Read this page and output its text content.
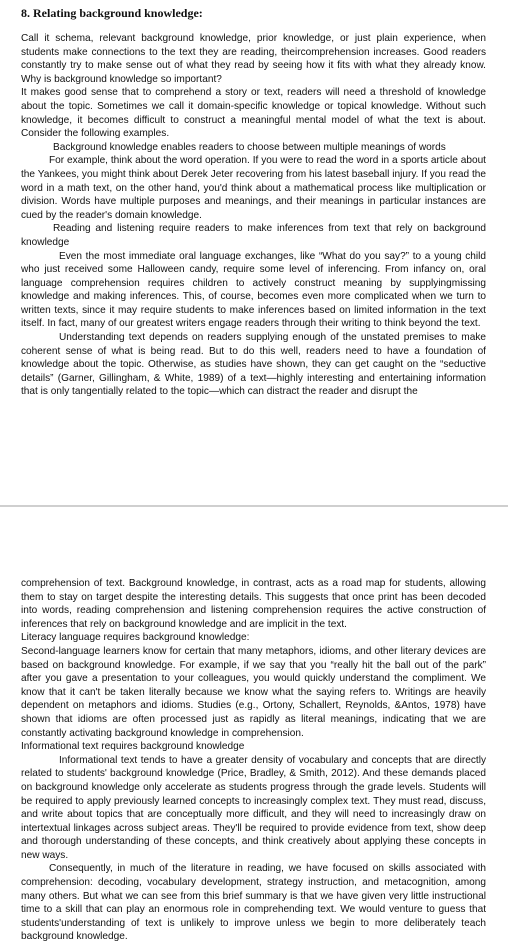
8. Relating background knowledge:

Call it schema, relevant background knowledge, prior knowledge, or just plain experience, when students make connections to the text they are reading, theircomprehension increases. Good readers constantly try to make sense out of what they read by seeing how it fits with what they already know. Why is background knowledge so important?

It makes good sense that to comprehend a story or text, readers will need a threshold of knowledge about the topic. Sometimes we call it domain-specific knowledge or topical knowledge. Without such knowledge, it becomes difficult to construct a meaningful mental model of what the text is about. Consider the following examples.

Background knowledge enables readers to choose between multiple meanings of words

For example, think about the word operation. If you were to read the word in a sports article about the Yankees, you might think about Derek Jeter recovering from his latest baseball injury. If you read the word in a math text, on the other hand, you'd think about a mathematical process like multiplication or division. Words have multiple purposes and meanings, and their meanings in particular instances are cued by the reader's domain knowledge.

Reading and listening require readers to make inferences from text that rely on background knowledge

Even the most immediate oral language exchanges, like “What do you say?” to a young child who just received some Halloween candy, require some level of inferencing. From infancy on, oral language comprehension requires children to actively construct meaning by supplyingmissing knowledge and making inferences. This, of course, becomes even more complicated when we turn to written texts, since it may require students to make inferences based on limited information in the text itself. In fact, many of our greatest writers engage readers through their writing to think beyond the text.

Understanding text depends on readers supplying enough of the unstated premises to make coherent sense of what is being read. But to do this well, readers need to have a foundation of knowledge about the topic. Otherwise, as studies have shown, they can get caught on the “seductive details” (Garner, Gillingham, & White, 1989) of a text—highly interesting and entertaining information that is only tangentially related to the topic—which can distract the reader and disrupt the

comprehension of text. Background knowledge, in contrast, acts as a road map for students, allowing them to stay on target despite the interesting details. This suggests that once print has been decoded into words, reading comprehension and listening comprehension requires the active construction of inferences that rely on background knowledge and are implicit in the text.

Literacy language requires background knowledge:

Second-language learners know for certain that many metaphors, idioms, and other literary devices are based on background knowledge. For example, if we say that you “really hit the ball out of the park” after you gave a presentation to your colleagues, you would quickly understand the compliment. We know that it can't be taken literally because we know what the saying refers to. Writings are heavily dependent on metaphors and idioms. Studies (e.g., Ortony, Schallert, Reynolds, &Antos, 1978) have shown that idioms are often processed just as rapidly as literal meanings, indicating that we are constantly activating background knowledge in comprehension.

Informational text requires background knowledge

Informational text tends to have a greater density of vocabulary and concepts that are directly related to students' background knowledge (Price, Bradley, & Smith, 2012). And these demands placed on background knowledge only accelerate as students progress through the grade levels. Students will be required to apply previously learned concepts to increasingly complex text. They must read, discuss, and write about topics that are conceptually more difficult, and they will need to increasingly draw on intertextual linkages across subject areas. They'll be required to provide evidence from text, show deep and thorough understanding of these concepts, and think creatively about applying these concepts in new ways.

Consequently, in much of the literature in reading, we have focused on skills associated with comprehension: decoding, vocabulary development, strategy instruction, and metacognition, among many others. But what we can see from this brief summary is that we have given very little instructional time to a skill that can play an enormous role in comprehending text. We would venture to guess that students'understanding of text is unlikely to improve unless we begin to more deliberately teach background knowledge.
